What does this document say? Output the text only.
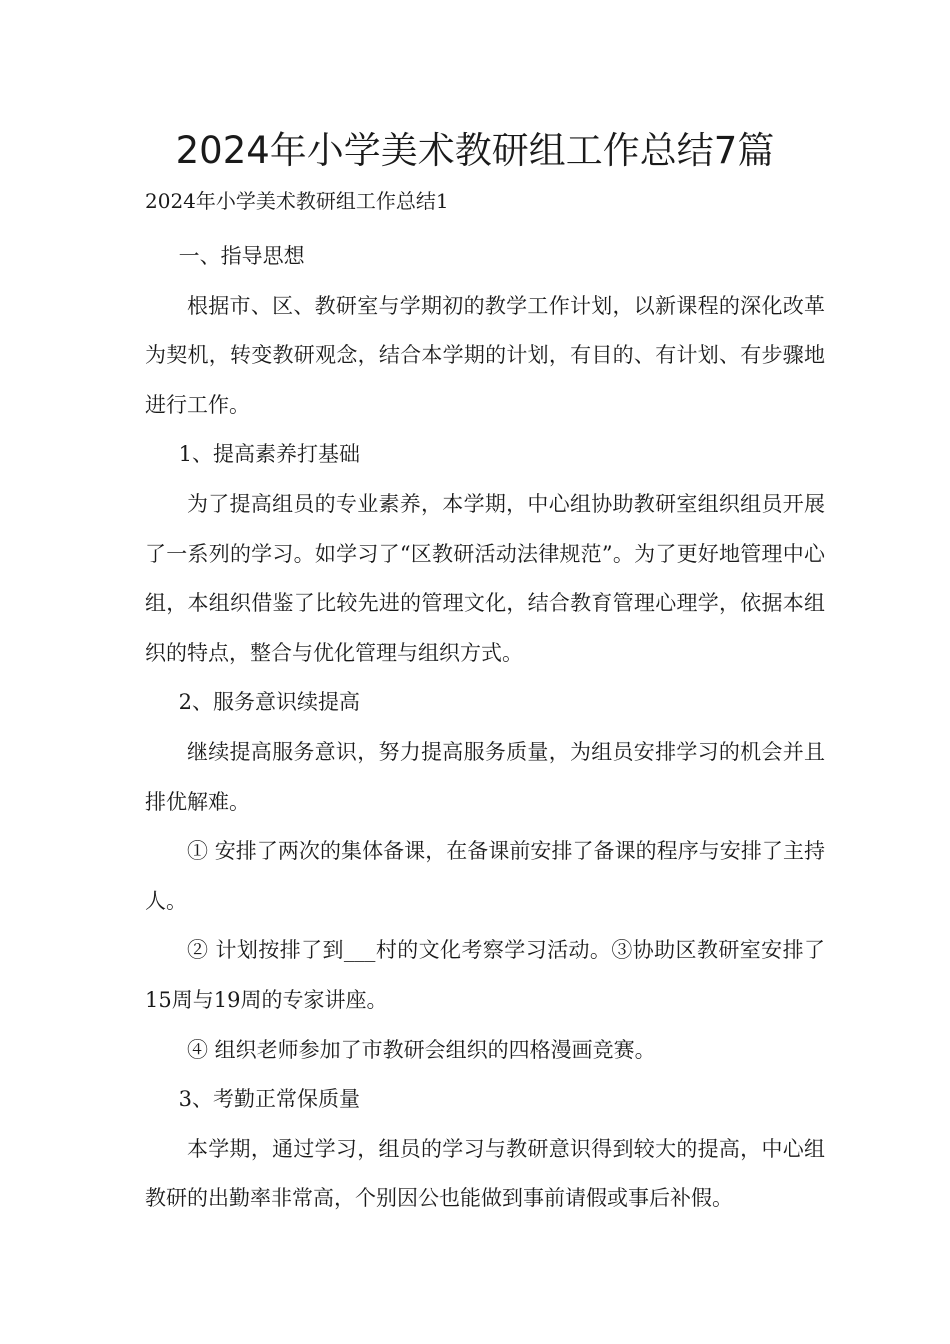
2024年小学美术教研组工作总结7篇
2024年小学美术教研组工作总结1

一、指导思想

根据市、区、教研室与学期初的教学工作计划，以新课程的深化改革为契机，转变教研观念，结合本学期的计划，有目的、有计划、有步骤地进行工作。

1、提高素养打基础

为了提高组员的专业素养，本学期，中心组协助教研室组织组员开展了一系列的学习。如学习了“区教研活动法律规范”。为了更好地管理中心组，本组织借鉴了比较先进的管理文化，结合教育管理心理学，依据本组织的特点，整合与优化管理与组织方式。

2、服务意识续提高

继续提高服务意识，努力提高服务质量，为组员安排学习的机会并且排优解难。

① 安排了两次的集体备课，在备课前安排了备课的程序与安排了主持人。

② 计划按排了到___村的文化考察学习活动。③协助区教研室安排了15周与19周的专家讲座。

④ 组织老师参加了市教研会组织的四格漫画竞赛。

3、考勤正常保质量

本学期，通过学习，组员的学习与教研意识得到较大的提高，中心组教研的出勤率非常高，个别因公也能做到事前请假或事后补假。
